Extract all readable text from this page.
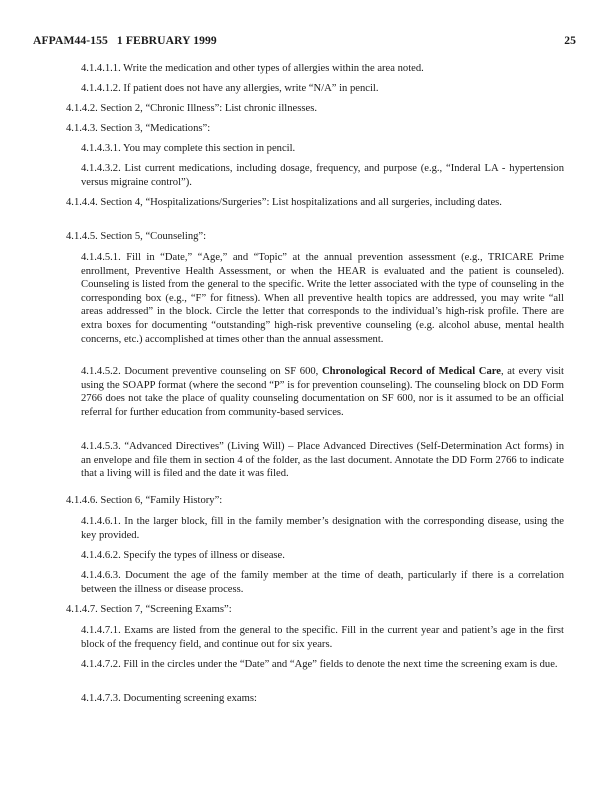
AFPAM44-155   1 FEBRUARY 1999	25

4.1.4.1.1. Write the medication and other types of allergies within the area noted.

4.1.4.1.2. If patient does not have any allergies, write “N/A” in pencil.

4.1.4.2. Section 2, “Chronic Illness”: List chronic illnesses.

4.1.4.3. Section 3, “Medications”:

4.1.4.3.1. You may complete this section in pencil.

4.1.4.3.2. List current medications, including dosage, frequency, and purpose (e.g., “Inderal LA - hypertension versus migraine control”).

4.1.4.4. Section 4, “Hospitalizations/Surgeries”: List hospitalizations and all surgeries, including dates.

4.1.4.5. Section 5, “Counseling”:

4.1.4.5.1. Fill in “Date,” “Age,” and “Topic” at the annual prevention assessment (e.g., TRICARE Prime enrollment, Preventive Health Assessment, or when the HEAR is evaluated and the patient is counseled). Counseling is listed from the general to the specific. Write the letter associated with the type of counseling in the corresponding box (e.g., “F” for fitness). When all preventive health topics are addressed, you may write “all areas addressed” in the block. Circle the letter that corresponds to the individual’s high-risk profile. There are extra boxes for documenting “outstanding” high-risk preventive counseling (e.g. alcohol abuse, mental health concerns, etc.) accomplished at times other than the annual assessment.

4.1.4.5.2. Document preventive counseling on SF 600, Chronological Record of Medical Care, at every visit using the SOAPP format (where the second “P” is for prevention counseling). The counseling block on DD Form 2766 does not take the place of quality counseling documentation on SF 600, nor is it assumed to be an official referral for further education from community-based services.

4.1.4.5.3. “Advanced Directives” (Living Will) – Place Advanced Directives (Self-Determination Act forms) in an envelope and file them in section 4 of the folder, as the last document. Annotate the DD Form 2766 to indicate that a living will is filed and the date it was filed.

4.1.4.6. Section 6, “Family History”:

4.1.4.6.1. In the larger block, fill in the family member’s designation with the corresponding disease, using the key provided.

4.1.4.6.2. Specify the types of illness or disease.

4.1.4.6.3. Document the age of the family member at the time of death, particularly if there is a correlation between the illness or disease process.

4.1.4.7. Section 7, “Screening Exams”:

4.1.4.7.1. Exams are listed from the general to the specific. Fill in the current year and patient’s age in the first block of the frequency field, and continue out for six years.

4.1.4.7.2. Fill in the circles under the “Date” and “Age” fields to denote the next time the screening exam is due.

4.1.4.7.3. Documenting screening exams:
